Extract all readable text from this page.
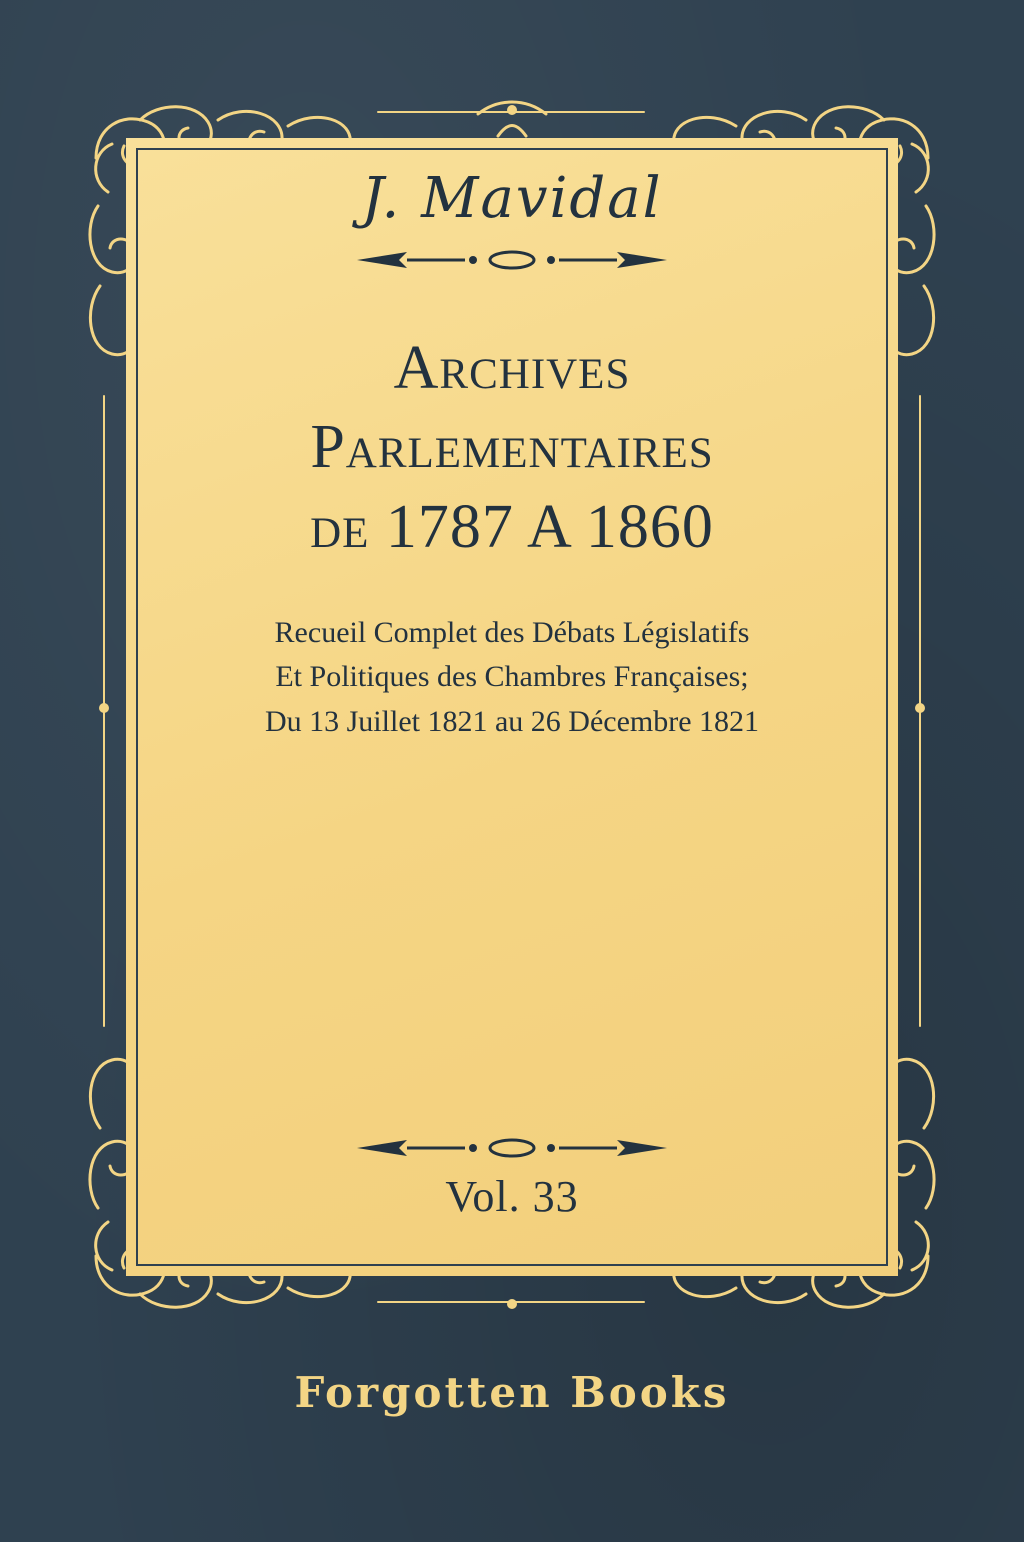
J. Mavidal
Archives
Parlementaires
de 1787 A 1860
Recueil Complet des Débats Législatifs
Et Politiques des Chambres Françaises;
Du 13 Juillet 1821 au 26 Décembre 1821
Vol. 33
Forgotten Books
